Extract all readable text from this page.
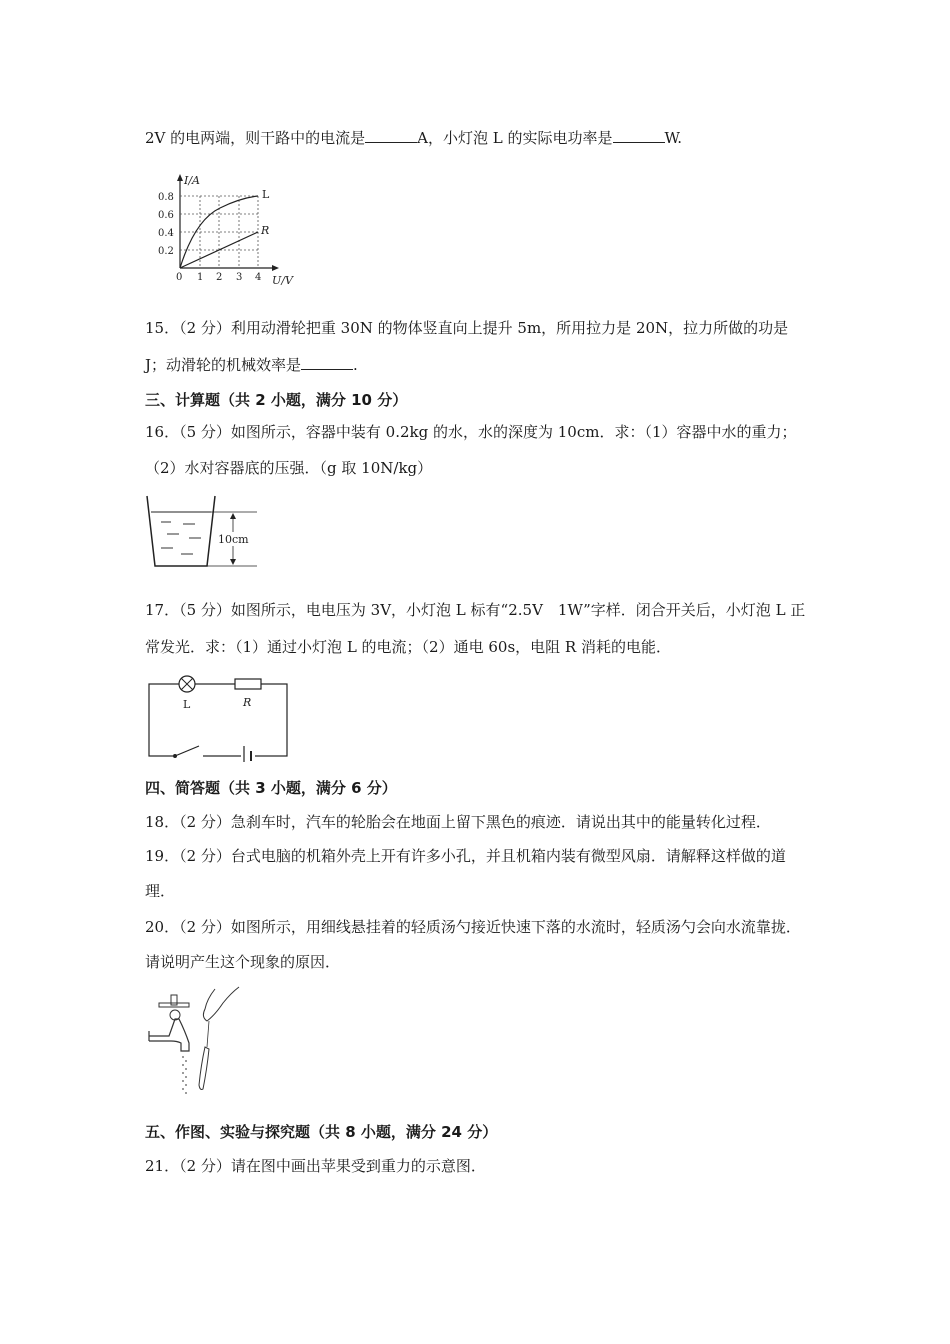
2V 的电两端，则干路中的电流是	A，小灯泡 L 的实际电功率是	W.
I/A
L
R
0.8
0.6
0.4
0.2
0 1 2 3 4 U/V
15．（2 分）利用动滑轮把重 30N 的物体竖直向上提升 5m，所用拉力是 20N，拉力所做的功是
J；动滑轮的机械效率是	.
三、计算题（共 2 小题，满分 10 分）
16．（5 分）如图所示，容器中装有 0.2kg 的水，水的深度为 10cm．求：（1）容器中水的重力；
（2）水对容器底的压强．（g 取 10N/kg）
10cm
17．（5 分）如图所示，电电压为 3V，小灯泡 L 标有“2.5V　1W”字样．闭合开关后，小灯泡 L 正
常发光．求：（1）通过小灯泡 L 的电流；（2）通电 60s，电阻 R 消耗的电能．
L	R
四、简答题（共 3 小题，满分 6 分）
18．（2 分）急刹车时，汽车的轮胎会在地面上留下黑色的痕迹．请说出其中的能量转化过程．
19．（2 分）台式电脑的机箱外壳上开有许多小孔，并且机箱内装有微型风扇．请解释这样做的道
理．
20．（2 分）如图所示，用细线悬挂着的轻质汤勺接近快速下落的水流时，轻质汤勺会向水流靠拢．
请说明产生这个现象的原因．
五、作图、实验与探究题（共 8 小题，满分 24 分）
21．（2 分）请在图中画出苹果受到重力的示意图．
